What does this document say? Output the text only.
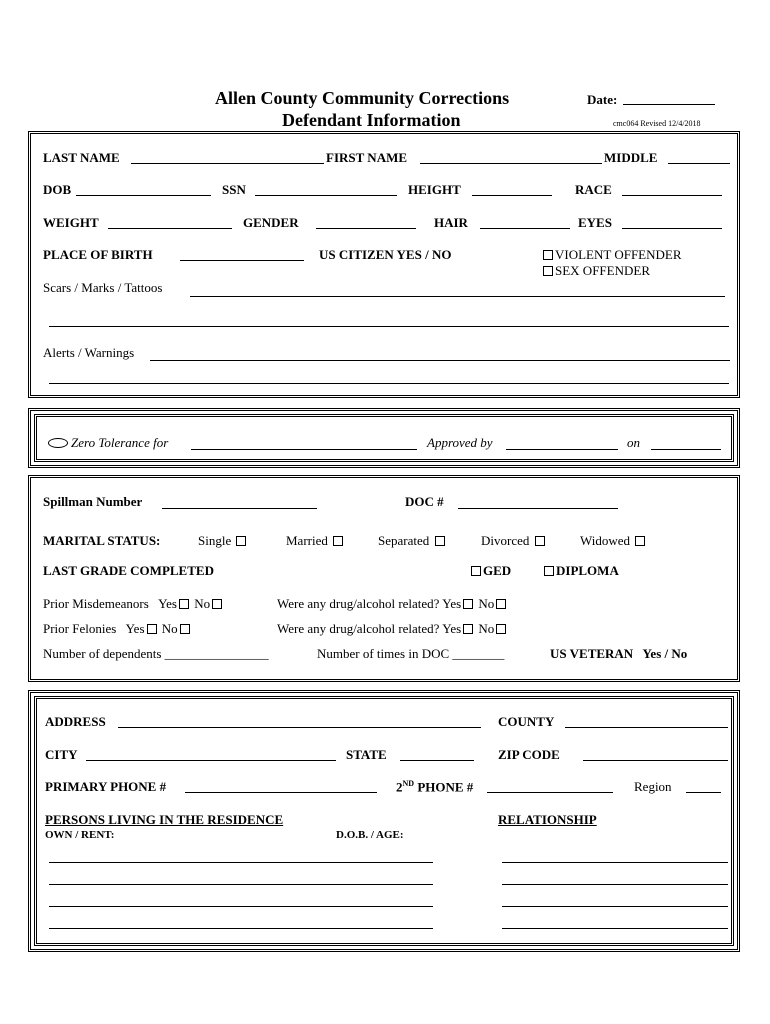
Allen County Community Corrections
Defendant Information
Date:
cmc064 Revised 12/4/2018
LAST NAME	FIRST NAME	MIDDLE
DOB	SSN	HEIGHT	RACE
WEIGHT	GENDER	HAIR	EYES
PLACE OF BIRTH	US CITIZEN YES / NO	VIOLENT OFFENDER
SEX OFFENDER
Scars / Marks / Tattoos
Alerts / Warnings
Zero Tolerance for	Approved by	on
Spillman Number	DOC #
MARITAL STATUS:	Single	Married	Separated	Divorced	Widowed
LAST GRADE COMPLETED	GED	DIPLOMA
Prior Misdemeanors Yes No	Were any drug/alcohol related? Yes No
Prior Felonies Yes No	Were any drug/alcohol related? Yes No
Number of dependents ________________	Number of times in DOC ________	US VETERAN Yes / No
ADDRESS	COUNTY
CITY	STATE	ZIP CODE
PRIMARY PHONE #	2ND PHONE #	Region
PERSONS LIVING IN THE RESIDENCE	RELATIONSHIP
OWN / RENT:	D.O.B. / AGE:
